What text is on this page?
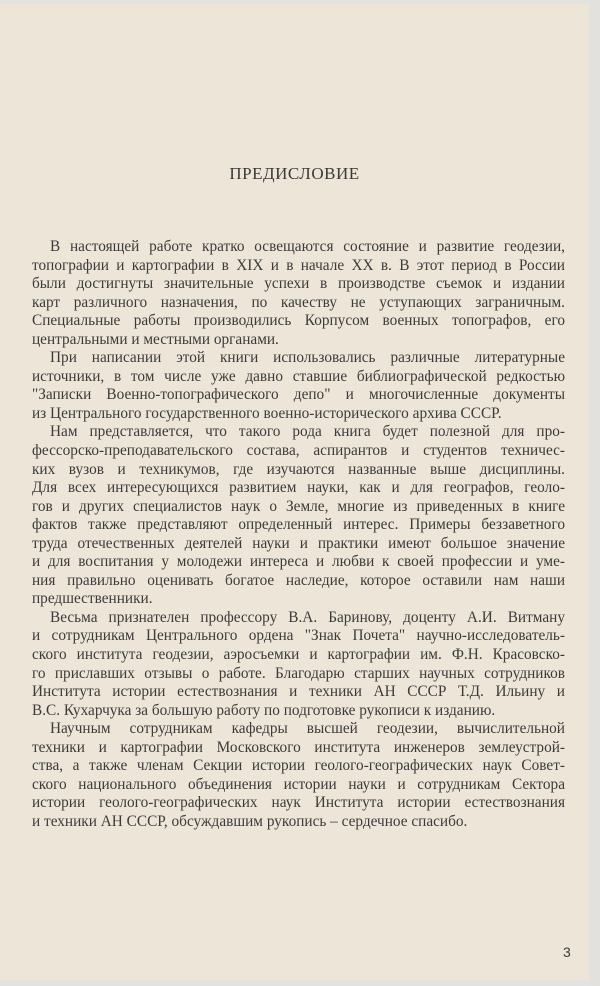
ПРЕДИСЛОВИЕ

В настоящей работе кратко освещаются состояние и развитие геодезии,
топографии и картографии в XIX и в начале XX в. В этот период в России
были достигнуты значительные успехи в производстве съемок и издании
карт различного назначения, по качеству не уступающих заграничным.
Специальные работы производились Корпусом военных топографов, его
центральными и местными органами.

При написании этой книги использовались различные литературные
источники, в том числе уже давно ставшие библиографической редкостью
"Записки Военно-топографического депо" и многочисленные документы
из Центрального государственного военно-исторического архива СССР.

Нам представляется, что такого рода книга будет полезной для про-
фессорско-преподавательского состава, аспирантов и студентов техничес-
ких вузов и техникумов, где изучаются названные выше дисциплины.
Для всех интересующихся развитием науки, как и для географов, геоло-
гов и других специалистов наук о Земле, многие из приведенных в книге
фактов также представляют определенный интерес. Примеры беззаветного
труда отечественных деятелей науки и практики имеют большое значение
и для воспитания у молодежи интереса и любви к своей профессии и уме-
ния правильно оценивать богатое наследие, которое оставили нам наши
предшественники.

Весьма признателен профессору В.А. Баринову, доценту А.И. Витману
и сотрудникам Центрального ордена "Знак Почета" научно-исследователь-
ского института геодезии, аэросъемки и картографии им. Ф.Н. Красовско-
го приславших отзывы о работе. Благодарю старших научных сотрудников
Института истории естествознания и техники АН СССР Т.Д. Ильину и
В.С. Кухарчука за большую работу по подготовке рукописи к изданию.

Научным сотрудникам кафедры высшей геодезии, вычислительной
техники и картографии Московского института инженеров землеустрой-
ства, а также членам Секции истории геолого-географических наук Совет-
ского национального объединения истории науки и сотрудникам Сектора
истории геолого-географических наук Института истории естествознания
и техники АН СССР, обсуждавшим рукопись – сердечное спасибо.

3
